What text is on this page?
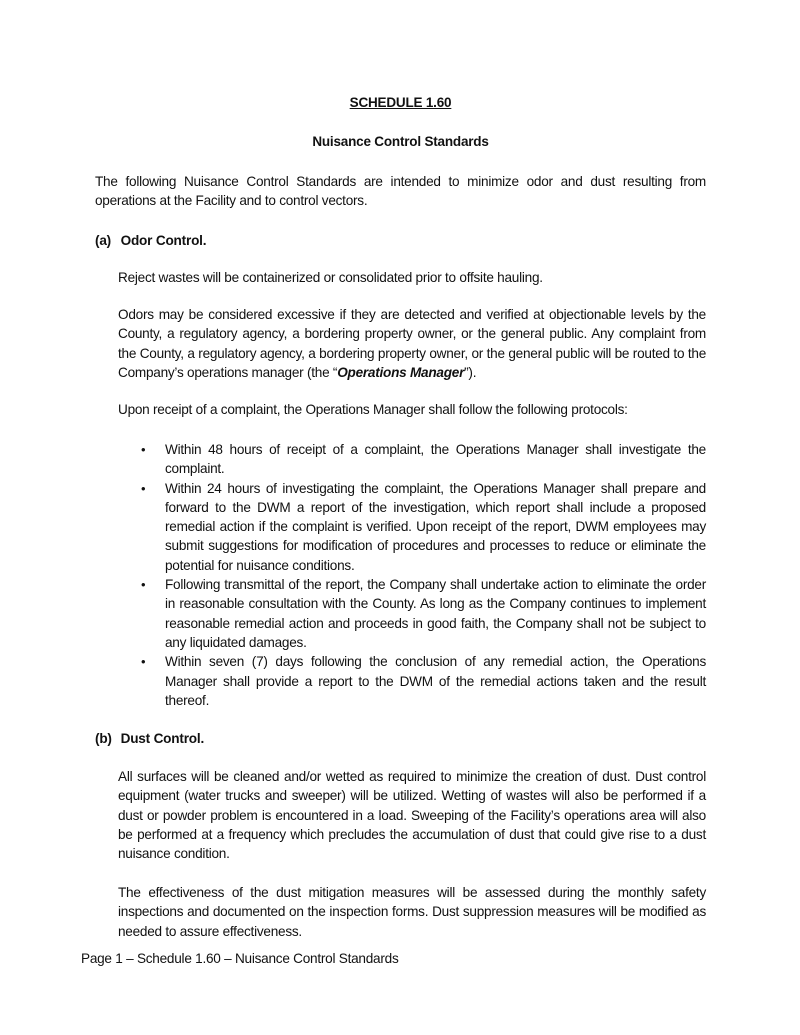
SCHEDULE 1.60
Nuisance Control Standards

The following Nuisance Control Standards are intended to minimize odor and dust resulting from operations at the Facility and to control vectors.

(a) Odor Control.

Reject wastes will be containerized or consolidated prior to offsite hauling.

Odors may be considered excessive if they are detected and verified at objectionable levels by the County, a regulatory agency, a bordering property owner, or the general public. Any complaint from the County, a regulatory agency, a bordering property owner, or the general public will be routed to the Company’s operations manager (the “Operations Manager”).

Upon receipt of a complaint, the Operations Manager shall follow the following protocols:

•	Within 48 hours of receipt of a complaint, the Operations Manager shall investigate the complaint.
•	Within 24 hours of investigating the complaint, the Operations Manager shall prepare and forward to the DWM a report of the investigation, which report shall include a proposed remedial action if the complaint is verified. Upon receipt of the report, DWM employees may submit suggestions for modification of procedures and processes to reduce or eliminate the potential for nuisance conditions.
•	Following transmittal of the report, the Company shall undertake action to eliminate the order in reasonable consultation with the County. As long as the Company continues to implement reasonable remedial action and proceeds in good faith, the Company shall not be subject to any liquidated damages.
•	Within seven (7) days following the conclusion of any remedial action, the Operations Manager shall provide a report to the DWM of the remedial actions taken and the result thereof.
(b) Dust Control.

All surfaces will be cleaned and/or wetted as required to minimize the creation of dust. Dust control equipment (water trucks and sweeper) will be utilized. Wetting of wastes will also be performed if a dust or powder problem is encountered in a load. Sweeping of the Facility’s operations area will also be performed at a frequency which precludes the accumulation of dust that could give rise to a dust nuisance condition.

The effectiveness of the dust mitigation measures will be assessed during the monthly safety inspections and documented on the inspection forms. Dust suppression measures will be modified as needed to assure effectiveness.

Page 1 – Schedule 1.60 – Nuisance Control Standards
